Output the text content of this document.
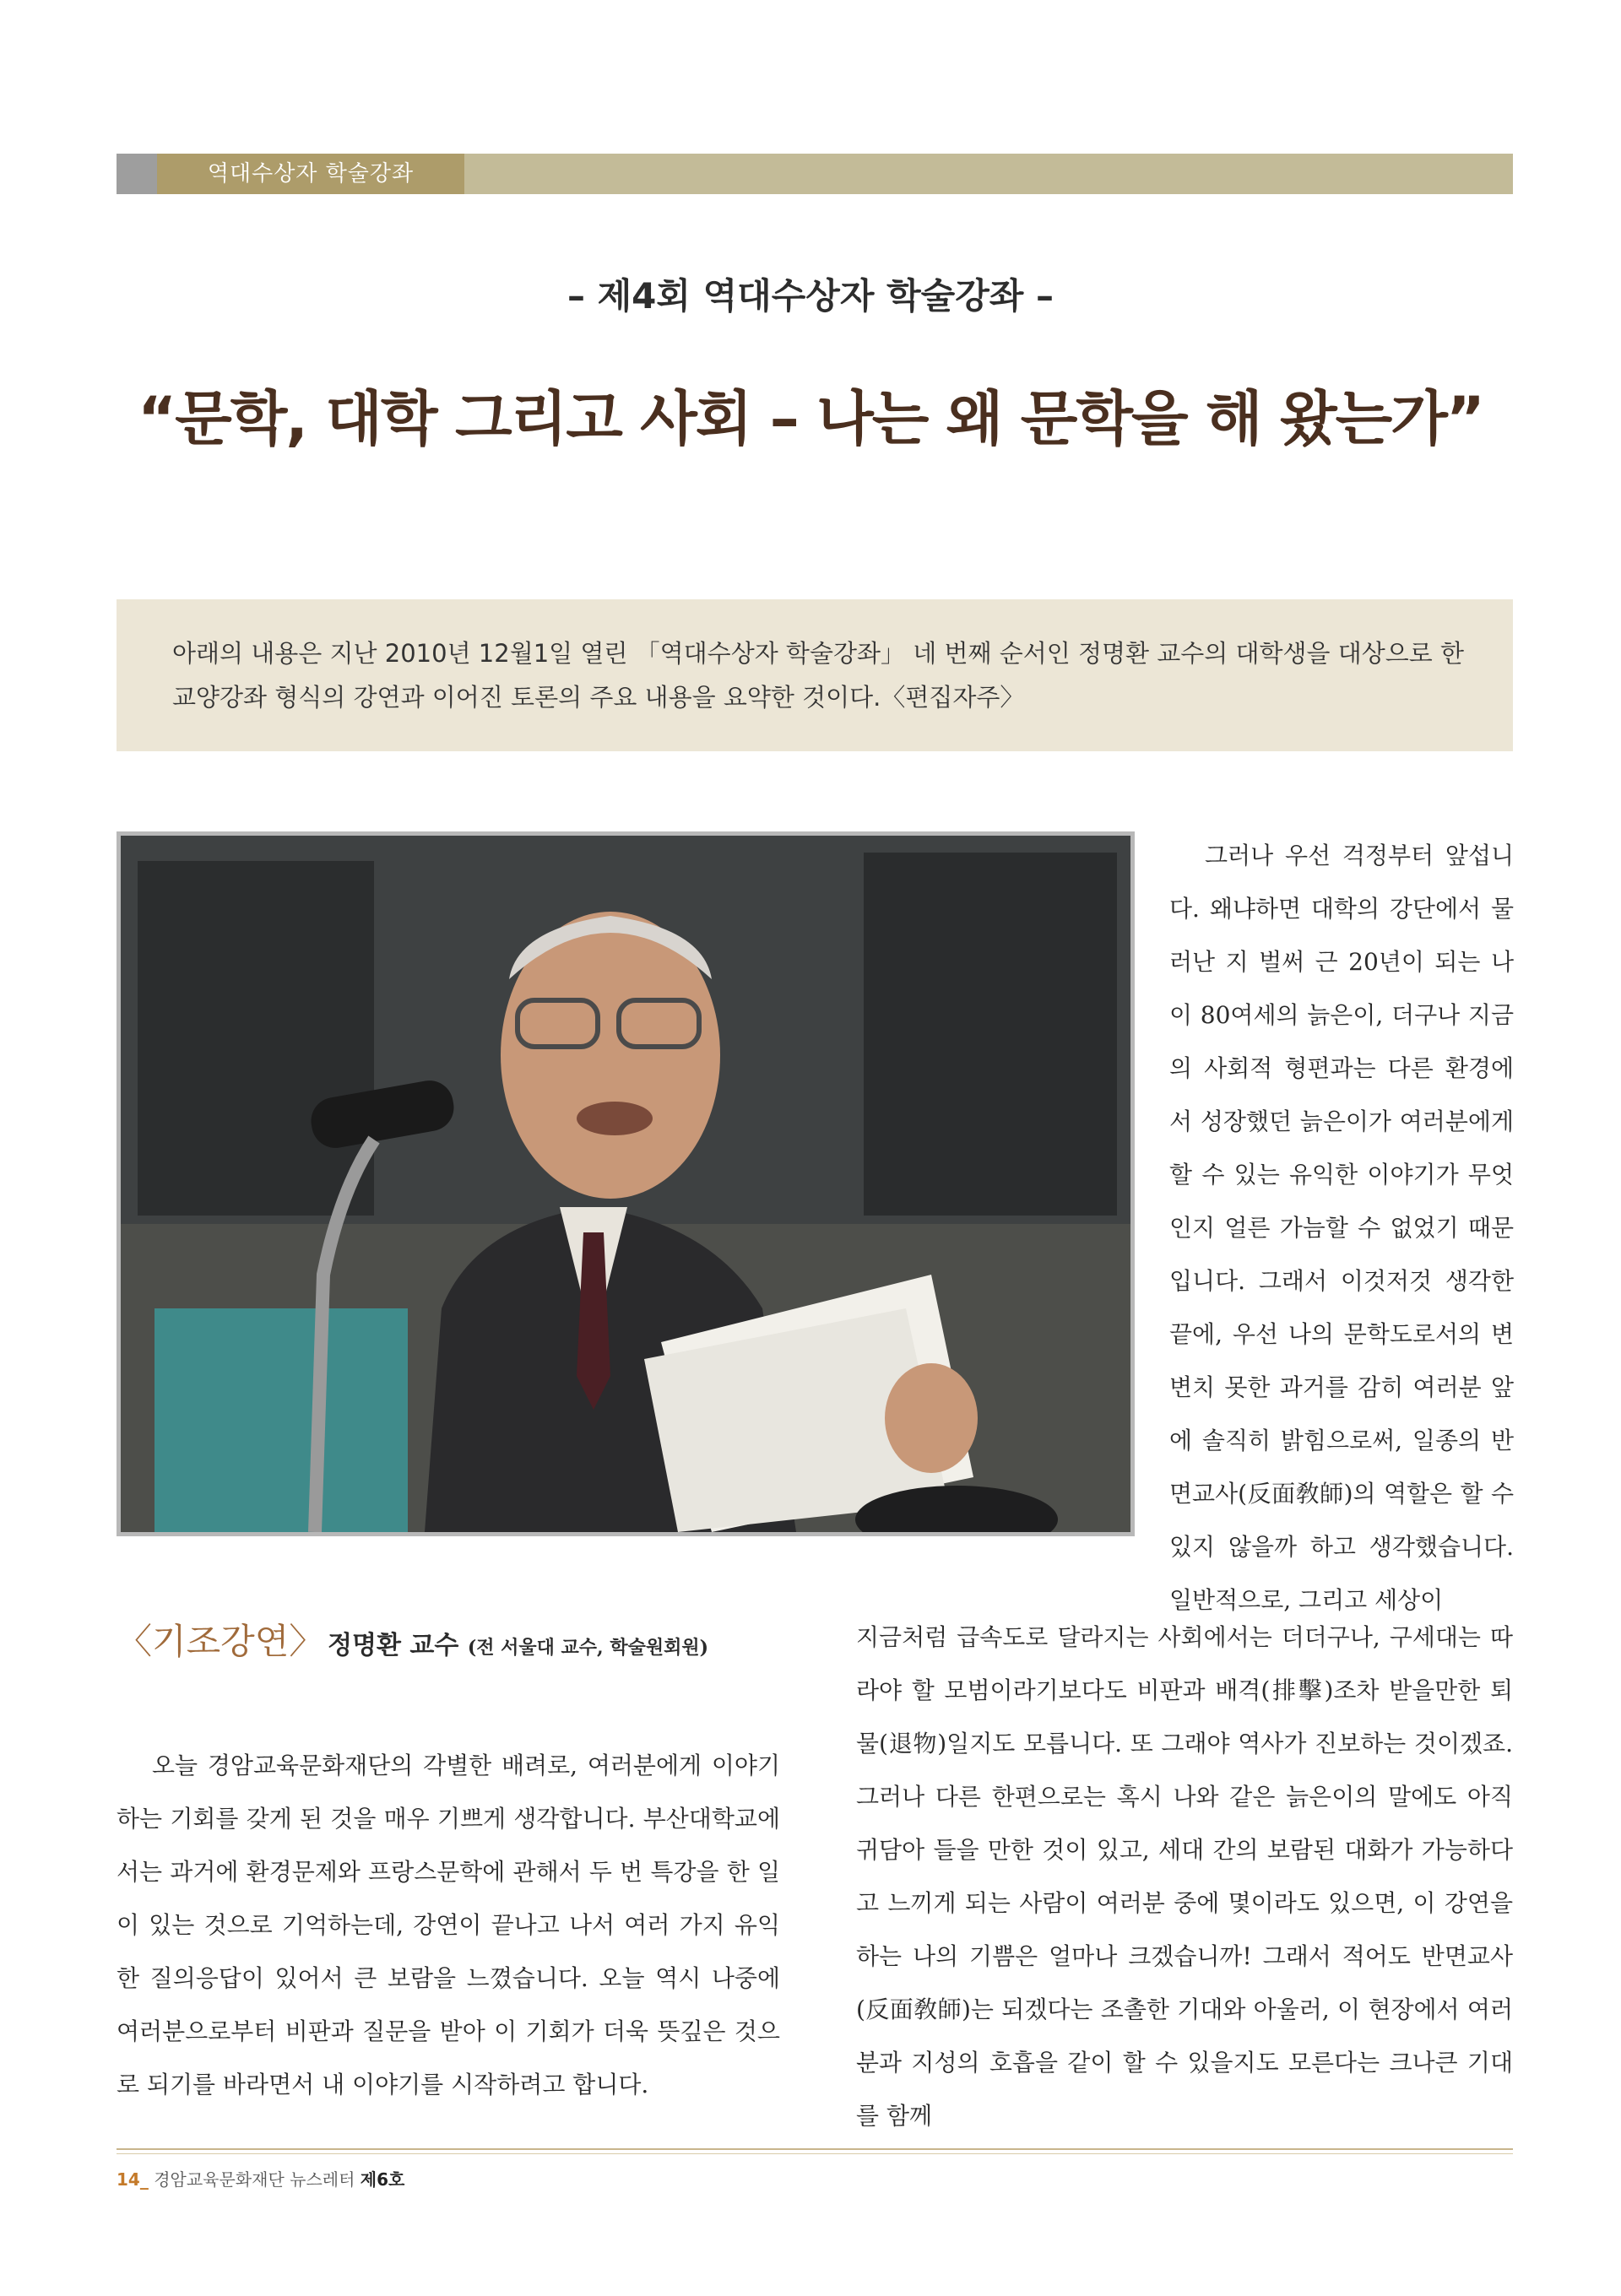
역대수상자 학술강좌
– 제4회 역대수상자 학술강좌 –
“문학, 대학 그리고 사회 – 나는 왜 문학을 해 왔는가”
아래의 내용은 지난 2010년 12월1일 열린 「역대수상자 학술강좌」 네 번째 순서인 정명환 교수의 대학생을 대상으로 한 교양강좌 형식의 강연과 이어진 토론의 주요 내용을 요약한 것이다.〈편집자주〉

그러나 우선 걱정부터 앞섭니다. 왜냐하면 대학의 강단에서 물러난 지 벌써 근 20년이 되는 나이 80여세의 늙은이, 더구나 지금의 사회적 형편과는 다른 환경에서 성장했던 늙은이가 여러분에게 할 수 있는 유익한 이야기가 무엇인지 얼른 가늠할 수 없었기 때문입니다. 그래서 이것저것 생각한 끝에, 우선 나의 문학도로서의 변변치 못한 과거를 감히 여러분 앞에 솔직히 밝힘으로써, 일종의 반면교사(反面敎師)의 역할은 할 수 있지 않을까 하고 생각했습니다. 일반적으로, 그리고 세상이

〈기조강연〉 정명환 교수 (전 서울대 교수, 학술원회원)

오늘 경암교육문화재단의 각별한 배려로, 여러분에게 이야기하는 기회를 갖게 된 것을 매우 기쁘게 생각합니다. 부산대학교에서는 과거에 환경문제와 프랑스문학에 관해서 두 번 특강을 한 일이 있는 것으로 기억하는데, 강연이 끝나고 나서 여러 가지 유익한 질의응답이 있어서 큰 보람을 느꼈습니다. 오늘 역시 나중에 여러분으로부터 비판과 질문을 받아 이 기회가 더욱 뜻깊은 것으로 되기를 바라면서 내 이야기를 시작하려고 합니다.

지금처럼 급속도로 달라지는 사회에서는 더더구나, 구세대는 따라야 할 모범이라기보다도 비판과 배격(排擊)조차 받을만한 퇴물(退物)일지도 모릅니다. 또 그래야 역사가 진보하는 것이겠죠. 그러나 다른 한편으로는 혹시 나와 같은 늙은이의 말에도 아직 귀담아 들을 만한 것이 있고, 세대 간의 보람된 대화가 가능하다고 느끼게 되는 사람이 여러분 중에 몇이라도 있으면, 이 강연을 하는 나의 기쁨은 얼마나 크겠습니까! 그래서 적어도 반면교사(反面敎師)는 되겠다는 조촐한 기대와 아울러, 이 현장에서 여러분과 지성의 호흡을 같이 할 수 있을지도 모른다는 크나큰 기대를 함께

14_ 경암교육문화재단 뉴스레터 제6호
